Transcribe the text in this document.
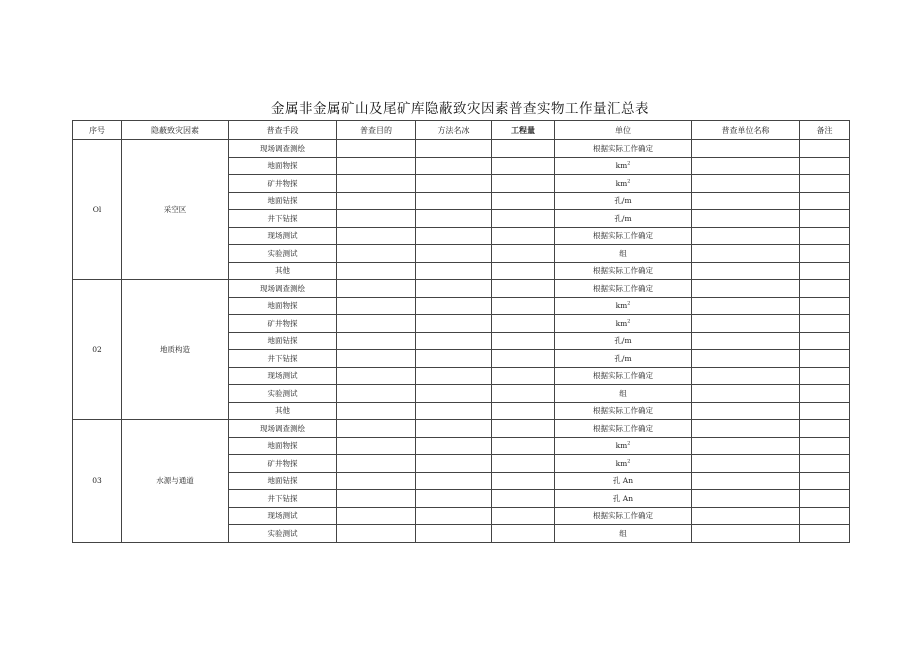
金属非金属矿山及尾矿库隐蔽致灾因素普查实物工作量汇总表
序号	隐蔽致灾因素	普查手段	普查目的	方法名冰	工程量	单位	普查单位名称	备注
Ol	采空区	现场调查测绘				根据实际工作确定		
		地面物探				$km^2$		
		矿井物探				$km^2$		
		地面钻探				孔/m		
		井下钻探				孔/m		
		现场测试				根据实际工作确定		
		实验测试				组		
		其他				根据实际工作确定		
02	地质构造	现场调查测绘				根据实际工作确定		
		地面物探				$km^2$		
		矿井物探				$km^2$		
		地面钻探				孔/m		
		井下钻探				孔/m		
		现场测试				根据实际工作确定		
		实验测试				组		
		其他				根据实际工作确定		
03	水源与通道	现场调查测绘				根据实际工作确定		
		地面物探				$km^2$		
		矿井物探				$km^2$		
		地面钻探				孔 An		
		井下钻探				孔 An		
		现场测试				根据实际工作确定		
		实验测试				组		
